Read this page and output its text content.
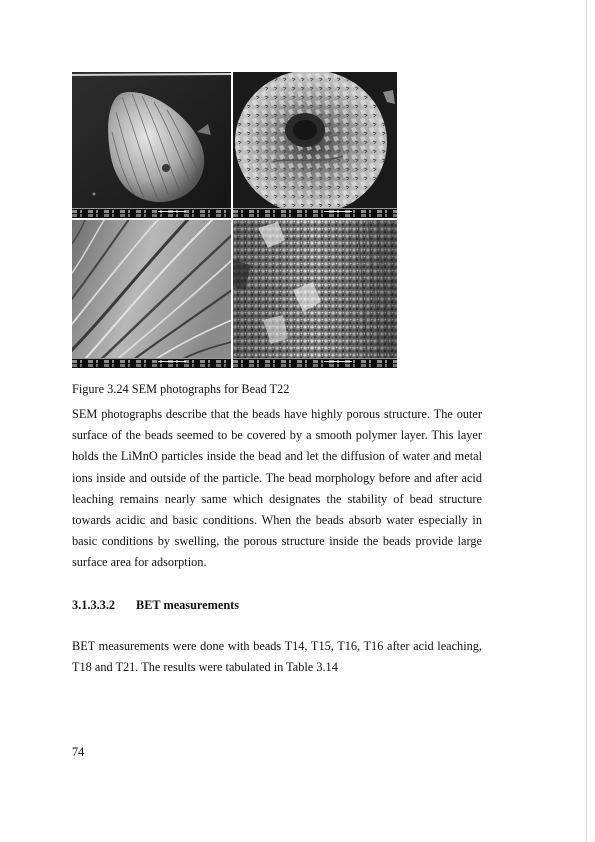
Figure 3.24 SEM photographs for Bead T22

SEM photographs describe that the beads have highly porous structure. The outer surface of the beads seemed to be covered by a smooth polymer layer. This layer holds the LiMnO particles inside the bead and let the diffusion of water and metal ions inside and outside of the particle. The bead morphology before and after acid leaching remains nearly same which designates the stability of bead structure towards acidic and basic conditions. When the beads absorb water especially in basic conditions by swelling, the porous structure inside the beads provide large surface area for adsorption.

3.1.3.3.2 BET measurements

BET measurements were done with beads T14, T15, T16, T16 after acid leaching, T18 and T21. The results were tabulated in Table 3.14

74
